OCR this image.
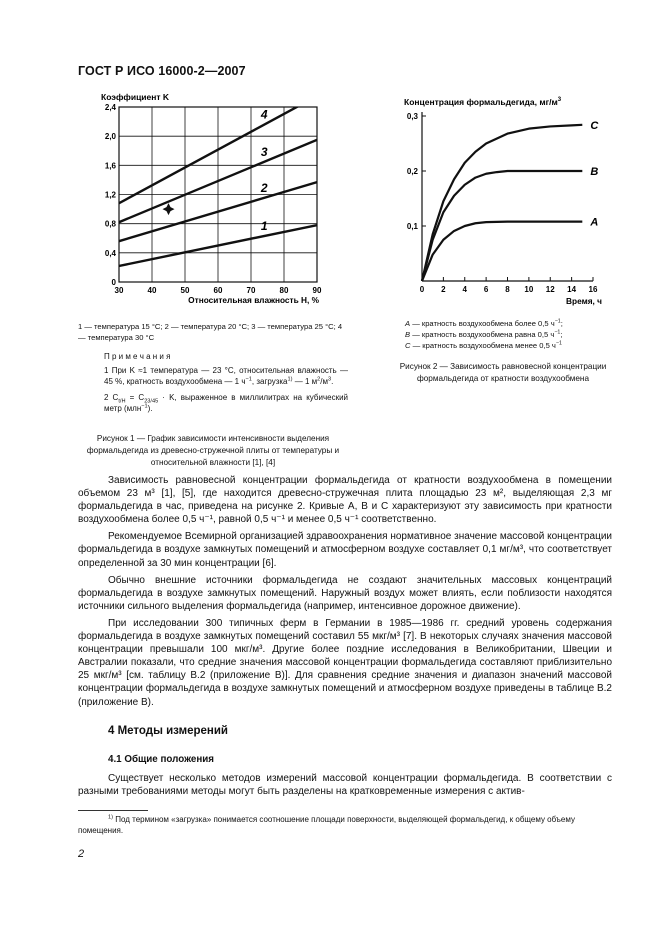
ГОСТ Р ИСО 16000-2—2007
Коэффициент K
0
0,4
0,8
1,2
1,6
2,0
2,4
30	40	50	60	70	80	90
1
2
3
4
Относительная влажность H, %
1 — температура 15 °С; 2 — температура 20 °С; 3 — температура 25 °С; 4 — температура 30 °С
П р и м е ч а н и я
1 При K ≈1 температура — 23 °С, относительная влажность — 45 %, кратность воздухообмена — 1 $ч^{-1}$, загрузка$^{1)}$ — 1 $м^2/м^3$.
2 $C_{t/H} = C_{23/45} \cdot K$, выраженное в миллилитрах на кубический метр (млн$^{-1}$).
Рисунок 1 — График зависимости интенсивности выделения формальдегида из древесно-стружечной плиты от температуры и относительной влажности [1], [4]
Концентрация формальдегида, $мг/м^3$
0,1
0,2
0,3
0 2 4 6 8 10 12 14 16
A
B
C
Время, ч
A — кратность воздухообмена более 0,5 $ч^{-1}$;
B — кратность воздухообмена равна 0,5 $ч^{-1}$;
C — кратность воздухообмена менее 0,5 $ч^{-1}$
Рисунок 2 — Зависимость равновесной концентрации формальдегида от кратности воздухообмена

Зависимость равновесной концентрации формальдегида от кратности воздухообмена в помещении объемом 23 м³ [1], [5], где находится древесно-стружечная плита площадью 23 м², выделяющая 2,3 мг формальдегида в час, приведена на рисунке 2. Кривые A, B и C характеризуют эту зависимость при кратности воздухообмена более 0,5 ч⁻¹, равной 0,5 ч⁻¹ и менее 0,5 ч⁻¹ соответственно.

Рекомендуемое Всемирной организацией здравоохранения нормативное значение массовой концентрации формальдегида в воздухе замкнутых помещений и атмосферном воздухе составляет 0,1 мг/м³, что соответствует определенной за 30 мин концентрации [6].

Обычно внешние источники формальдегида не создают значительных массовых концентраций формальдегида в воздухе замкнутых помещений. Наружный воздух может влиять, если поблизости находятся источники сильного выделения формальдегида (например, интенсивное дорожное движение).

При исследовании 300 типичных ферм в Германии в 1985—1986 гг. средний уровень содержания формальдегида в воздухе замкнутых помещений составил 55 мкг/м³ [7]. В некоторых случаях значения массовой концентрации превышали 100 мкг/м³. Другие более поздние исследования в Великобритании, Швеции и Австралии показали, что средние значения массовой концентрации формальдегида составляют приблизительно 25 мкг/м³ [см. таблицу В.2 (приложение В)]. Для сравнения средние значения и диапазон значений массовой концентрации формальдегида в воздухе замкнутых помещений и атмосферном воздухе приведены в таблице В.2 (приложение В).

4 Методы измерений
4.1 Общие положения

Существует несколько методов измерений массовой концентрации формальдегида. В соответствии с разными требованиями методы могут быть разделены на кратковременные измерения с актив-

$^{1)}$ Под термином «загрузка» понимается соотношение площади поверхности, выделяющей формальдегид, к общему объему помещения.
2
